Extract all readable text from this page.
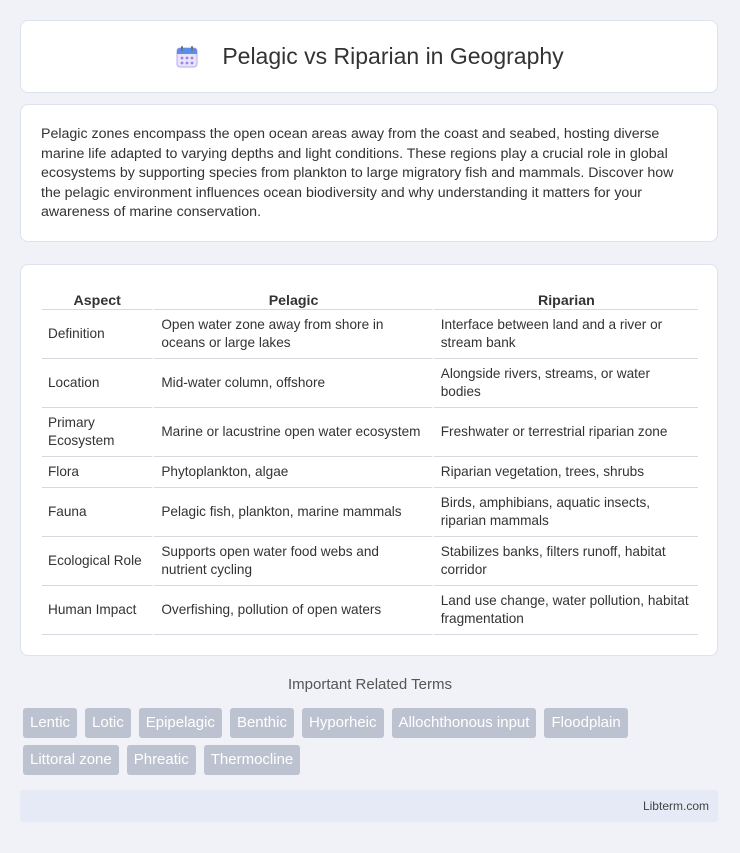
Pelagic vs Riparian in Geography

Pelagic zones encompass the open ocean areas away from the coast and seabed, hosting diverse marine life adapted to varying depths and light conditions. These regions play a crucial role in global ecosystems by supporting species from plankton to large migratory fish and mammals. Discover how the pelagic environment influences ocean biodiversity and why understanding it matters for your awareness of marine conservation.

Aspect	Pelagic	Riparian
Definition	Open water zone away from shore in oceans or large lakes	Interface between land and a river or stream bank
Location	Mid-water column, offshore	Alongside rivers, streams, or water bodies
Primary Ecosystem	Marine or lacustrine open water ecosystem	Freshwater or terrestrial riparian zone
Flora	Phytoplankton, algae	Riparian vegetation, trees, shrubs
Fauna	Pelagic fish, plankton, marine mammals	Birds, amphibians, aquatic insects, riparian mammals
Ecological Role	Supports open water food webs and nutrient cycling	Stabilizes banks, filters runoff, habitat corridor
Human Impact	Overfishing, pollution of open waters	Land use change, water pollution, habitat fragmentation
Important Related Terms
Lentic	Lotic	Epipelagic	Benthic	Hyporheic	Allochthonous input	Floodplain
Littoral zone	Phreatic	Thermocline
Libterm.com
